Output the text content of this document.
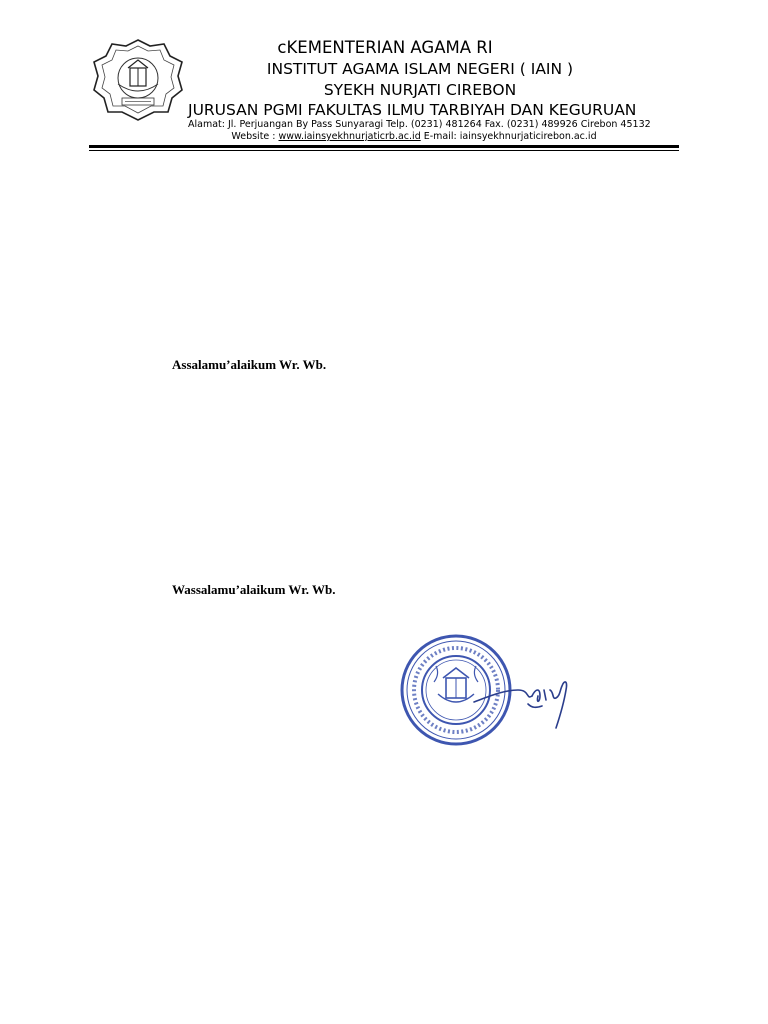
cKEMENTERIAN AGAMA RI
INSTITUT AGAMA ISLAM NEGERI ( IAIN )
SYEKH NURJATI CIREBON
JURUSAN PGMI FAKULTAS ILMU TARBIYAH DAN KEGURUAN
Alamat: Jl. Perjuangan By Pass Sunyaragi Telp. (0231) 481264 Fax. (0231) 489926 Cirebon 45132
Website : www.iainsyekhnurjaticrb.ac.id E-mail: iainsyekhnurjaticirebon.ac.id
Assalamu’alaikum Wr. Wb.
Wassalamu’alaikum Wr. Wb.
